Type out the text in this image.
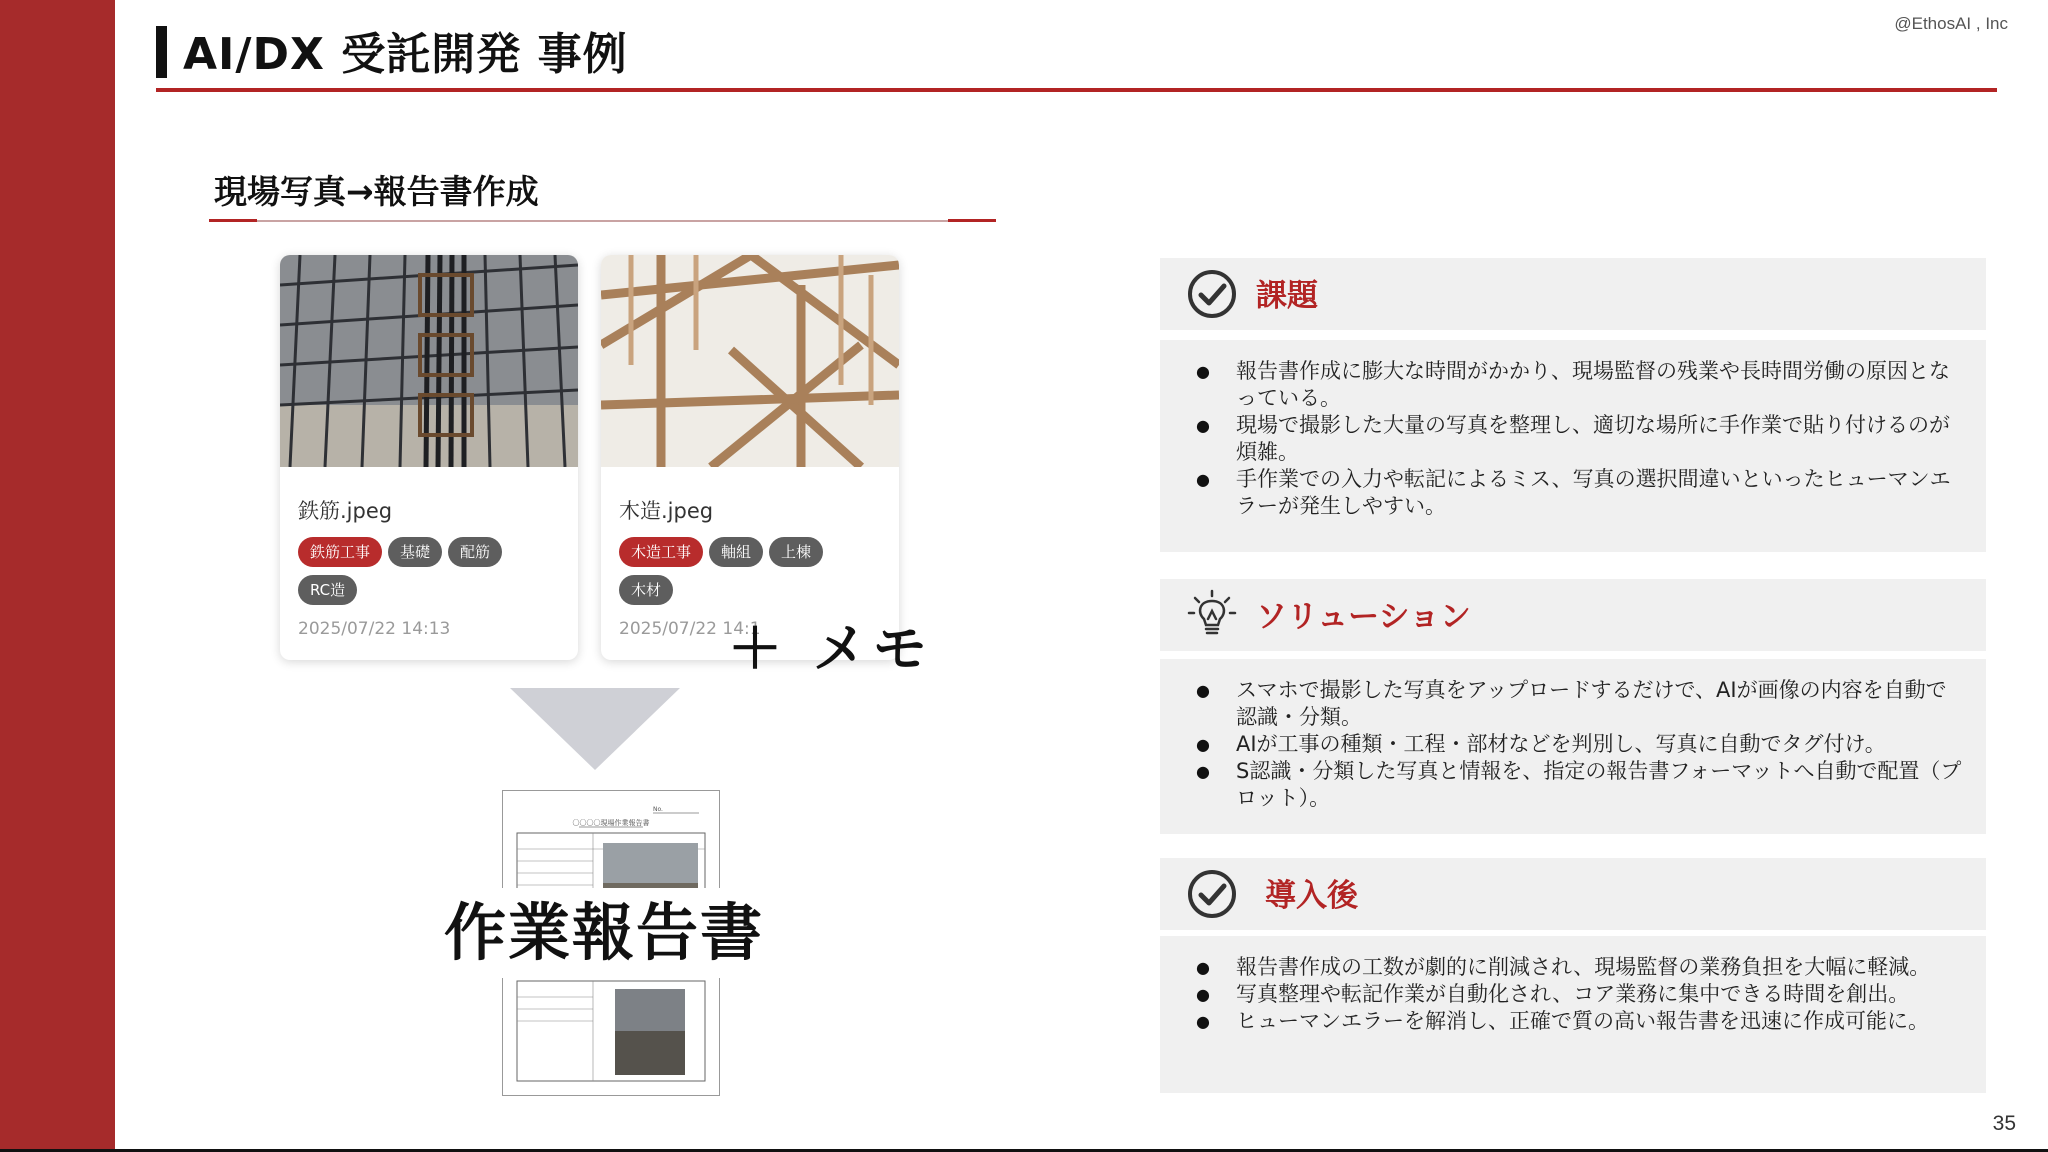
AI/DX 受託開発 事例
@EthosAI , Inc
現場写真→報告書作成
鉄筋.jpeg
鉄筋工事 基礎 配筋RC造
2025/07/22 14:13
木造.jpeg
木造工事 軸組 上棟木材
2025/07/22 14:1
＋ メモ
No.
〇〇〇〇現場作業報告書
作業報告書
課題
● 報告書作成に膨大な時間がかかり、現場監督の残業や長時間労働の原因となっている。
● 現場で撮影した大量の写真を整理し、適切な場所に手作業で貼り付けるのが煩雑。
● 手作業での入力や転記によるミス、写真の選択間違いといったヒューマンエラーが発生しやすい。
ソリューション
● スマホで撮影した写真をアップロードするだけで、AIが画像の内容を自動で認識・分類。
● AIが工事の種類・工程・部材などを判別し、写真に自動でタグ付け。
● S認識・分類した写真と情報を、指定の報告書フォーマットへ自動で配置（プロット）。
導入後
● 報告書作成の工数が劇的に削減され、現場監督の業務負担を大幅に軽減。
● 写真整理や転記作業が自動化され、コア業務に集中できる時間を創出。
● ヒューマンエラーを解消し、正確で質の高い報告書を迅速に作成可能に。
35
